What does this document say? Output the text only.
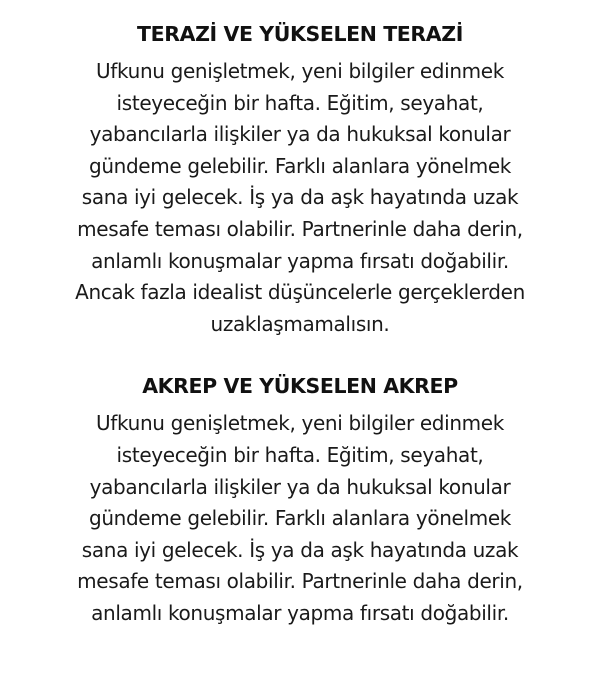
TERAZİ VE YÜKSELEN TERAZİ

Ufkunu genişletmek, yeni bilgiler edinmek
isteyeceğin bir hafta. Eğitim, seyahat,
yabancılarla ilişkiler ya da hukuksal konular
gündeme gelebilir. Farklı alanlara yönelmek
sana iyi gelecek. İş ya da aşk hayatında uzak
mesafe teması olabilir. Partnerinle daha derin,
anlamlı konuşmalar yapma fırsatı doğabilir.
Ancak fazla idealist düşüncelerle gerçeklerden
uzaklaşmamalısın.

AKREP VE YÜKSELEN AKREP

Ufkunu genişletmek, yeni bilgiler edinmek
isteyeceğin bir hafta. Eğitim, seyahat,
yabancılarla ilişkiler ya da hukuksal konular
gündeme gelebilir. Farklı alanlara yönelmek
sana iyi gelecek. İş ya da aşk hayatında uzak
mesafe teması olabilir. Partnerinle daha derin,
anlamlı konuşmalar yapma fırsatı doğabilir.
